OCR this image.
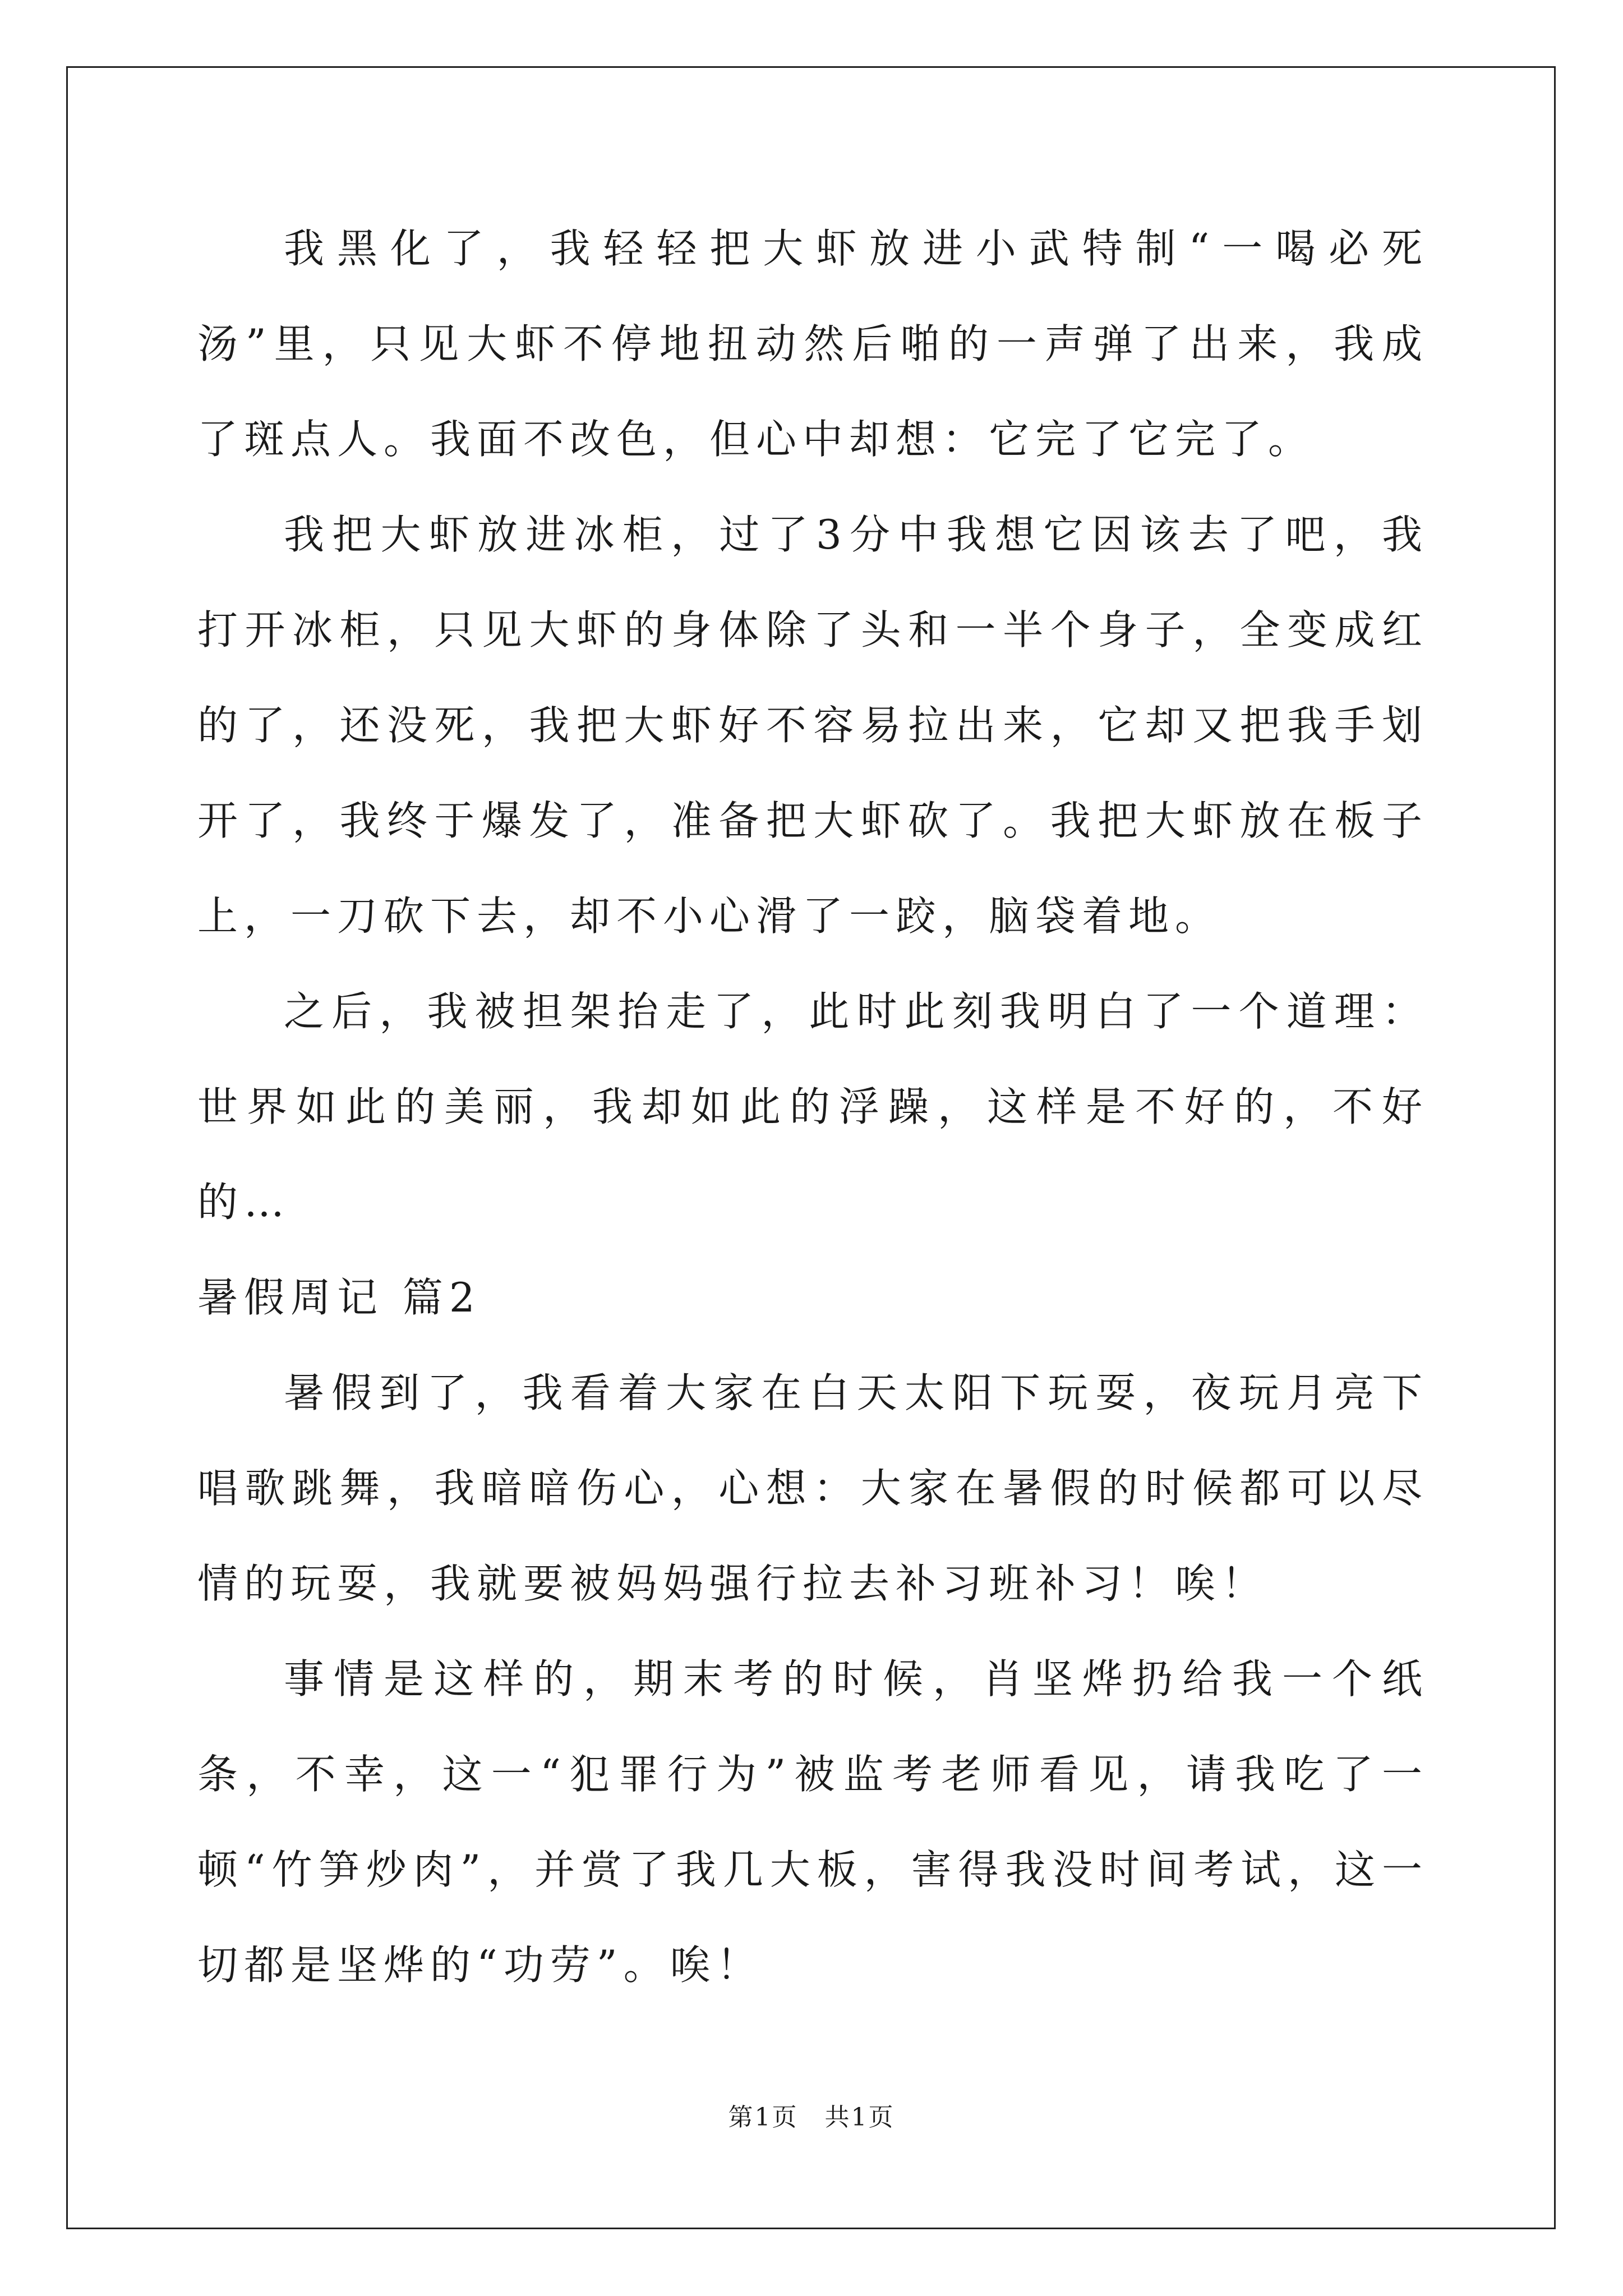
我黑化了，我轻轻把大虾放进小武特制“一喝必死汤”里，只见大虾不停地扭动然后啪的一声弹了出来，我成了斑点人。我面不改色，但心中却想：它完了它完了。

我把大虾放进冰柜，过了3分中我想它因该去了吧，我打开冰柜，只见大虾的身体除了头和一半个身子，全变成红的了，还没死，我把大虾好不容易拉出来，它却又把我手划开了，我终于爆发了，准备把大虾砍了。我把大虾放在板子上，一刀砍下去，却不小心滑了一跤，脑袋着地。

之后，我被担架抬走了，此时此刻我明白了一个道理：世界如此的美丽，我却如此的浮躁，这样是不好的，不好的…

暑假周记 篇2

暑假到了，我看着大家在白天太阳下玩耍，夜玩月亮下唱歌跳舞，我暗暗伤心，心想：大家在暑假的时候都可以尽情的玩耍，我就要被妈妈强行拉去补习班补习！唉！

事情是这样的，期末考的时候，肖坚烨扔给我一个纸条，不幸，这一“犯罪行为”被监考老师看见，请我吃了一顿“竹笋炒肉”，并赏了我几大板，害得我没时间考试，这一切都是坚烨的“功劳”。唉！

第1页　共1页
